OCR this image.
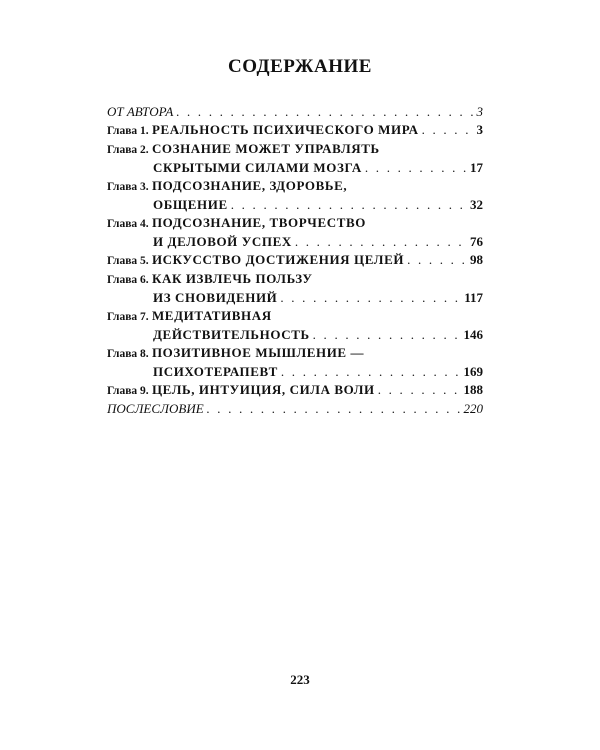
СОДЕРЖАНИЕ
ОТ АВТОРА . . .	3
Глава 1. РЕАЛЬНОСТЬ ПСИХИЧЕСКОГО МИРА . . .	3
Глава 2. СОЗНАНИЕ МОЖЕТ УПРАВЛЯТЬ
СКРЫТЫМИ СИЛАМИ МОЗГА . . .	17
Глава 3. ПОДСОЗНАНИЕ, ЗДОРОВЬЕ,
ОБЩЕНИЕ . . .	32
Глава 4. ПОДСОЗНАНИЕ, ТВОРЧЕСТВО
И ДЕЛОВОЙ УСПЕХ . . .	76
Глава 5. ИСКУССТВО ДОСТИЖЕНИЯ ЦЕЛЕЙ . . .	98
Глава 6. КАК ИЗВЛЕЧЬ ПОЛЬЗУ
ИЗ СНОВИДЕНИЙ . . .	117
Глава 7. МЕДИТАТИВНАЯ
ДЕЙСТВИТЕЛЬНОСТЬ . . .	146
Глава 8. ПОЗИТИВНОЕ МЫШЛЕНИЕ —
ПСИХОТЕРАПЕВТ . . .	169
Глава 9. ЦЕЛЬ, ИНТУИЦИЯ, СИЛА ВОЛИ . . .	188
ПОСЛЕСЛОВИЕ . . .	220
223
